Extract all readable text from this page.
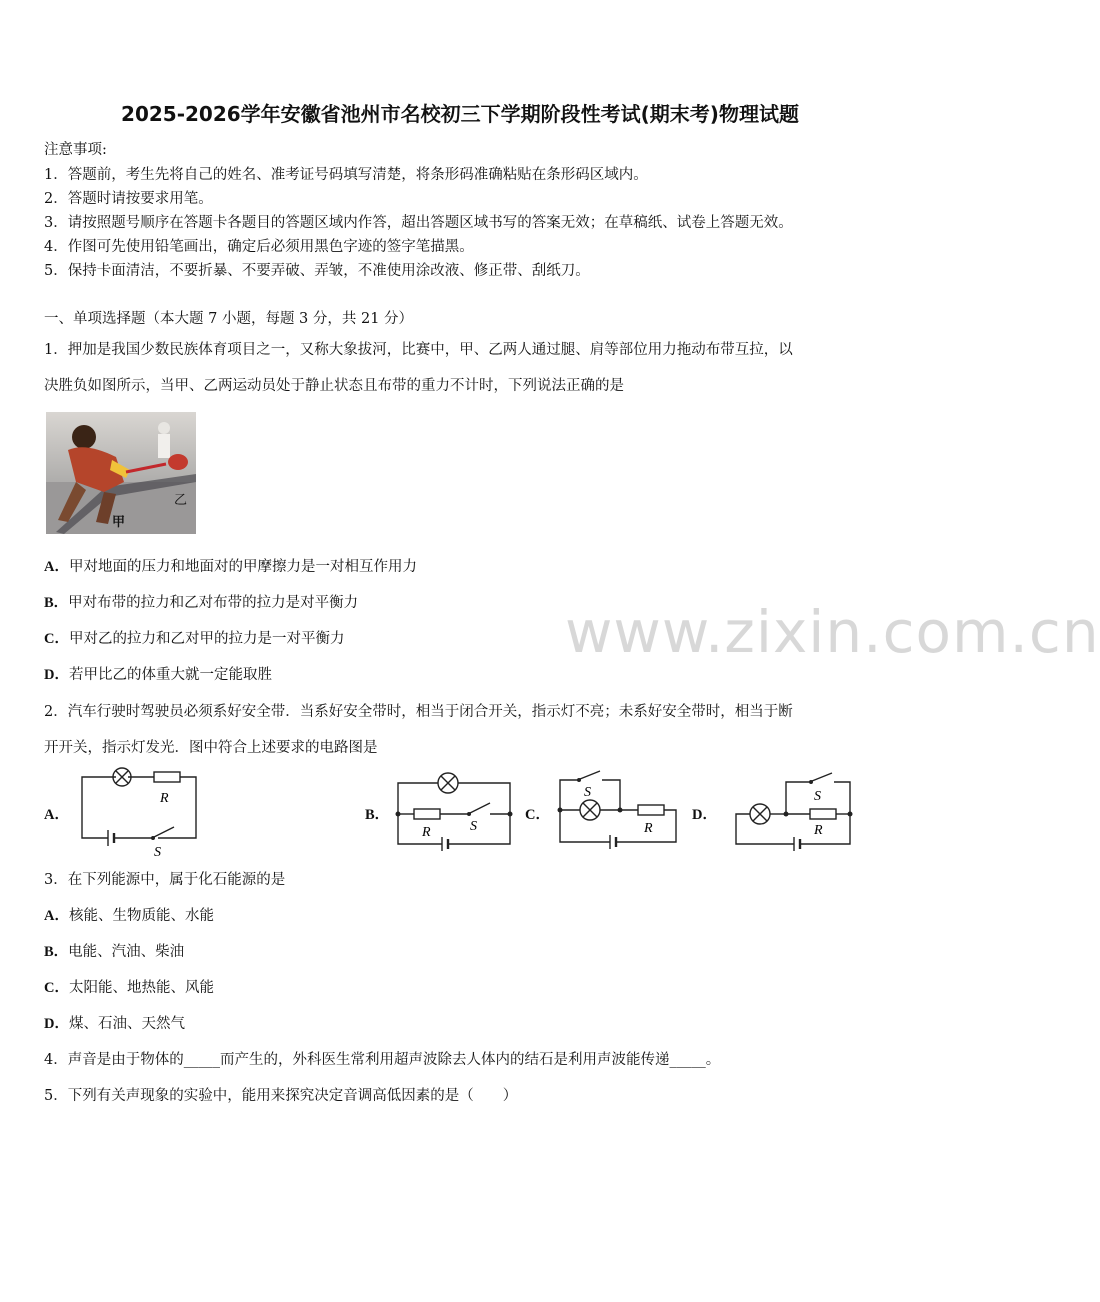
2025-2026学年安徽省池州市名校初三下学期阶段性考试(期末考)物理试题
注意事项:
1．答题前，考生先将自己的姓名、准考证号码填写清楚，将条形码准确粘贴在条形码区域内。
2．答题时请按要求用笔。
3．请按照题号顺序在答题卡各题目的答题区域内作答，超出答题区域书写的答案无效；在草稿纸、试卷上答题无效。
4．作图可先使用铅笔画出，确定后必须用黑色字迹的签字笔描黑。
5．保持卡面清洁，不要折暴、不要弄破、弄皱，不准使用涂改液、修正带、刮纸刀。
一、单项选择题（本大题 7 小题，每题 3 分，共 21 分）
1．押加是我国少数民族体育项目之一，又称大象拔河，比赛中，甲、乙两人通过腿、肩等部位用力拖动布带互拉，以
决胜负如图所示，当甲、乙两运动员处于静止状态且布带的重力不计时，下列说法正确的是
乙
甲
A．甲对地面的压力和地面对的甲摩擦力是一对相互作用力
B．甲对布带的拉力和乙对布带的拉力是对平衡力
C．甲对乙的拉力和乙对甲的拉力是一对平衡力
D．若甲比乙的体重大就一定能取胜
www.zixin.com.cn
2．汽车行驶时驾驶员必须系好安全带．当系好安全带时，相当于闭合开关，指示灯不亮；未系好安全带时，相当于断
开开关，指示灯发光．图中符合上述要求的电路图是
A．
R
S
B．
R	S
C．
S
R
D．
S
R
3．在下列能源中，属于化石能源的是
A．核能、生物质能、水能
B．电能、汽油、柴油
C．太阳能、地热能、风能
D．煤、石油、天然气
4．声音是由于物体的_____而产生的，外科医生常利用超声波除去人体内的结石是利用声波能传递_____。
5．下列有关声现象的实验中，能用来探究决定音调高低因素的是（　　）
